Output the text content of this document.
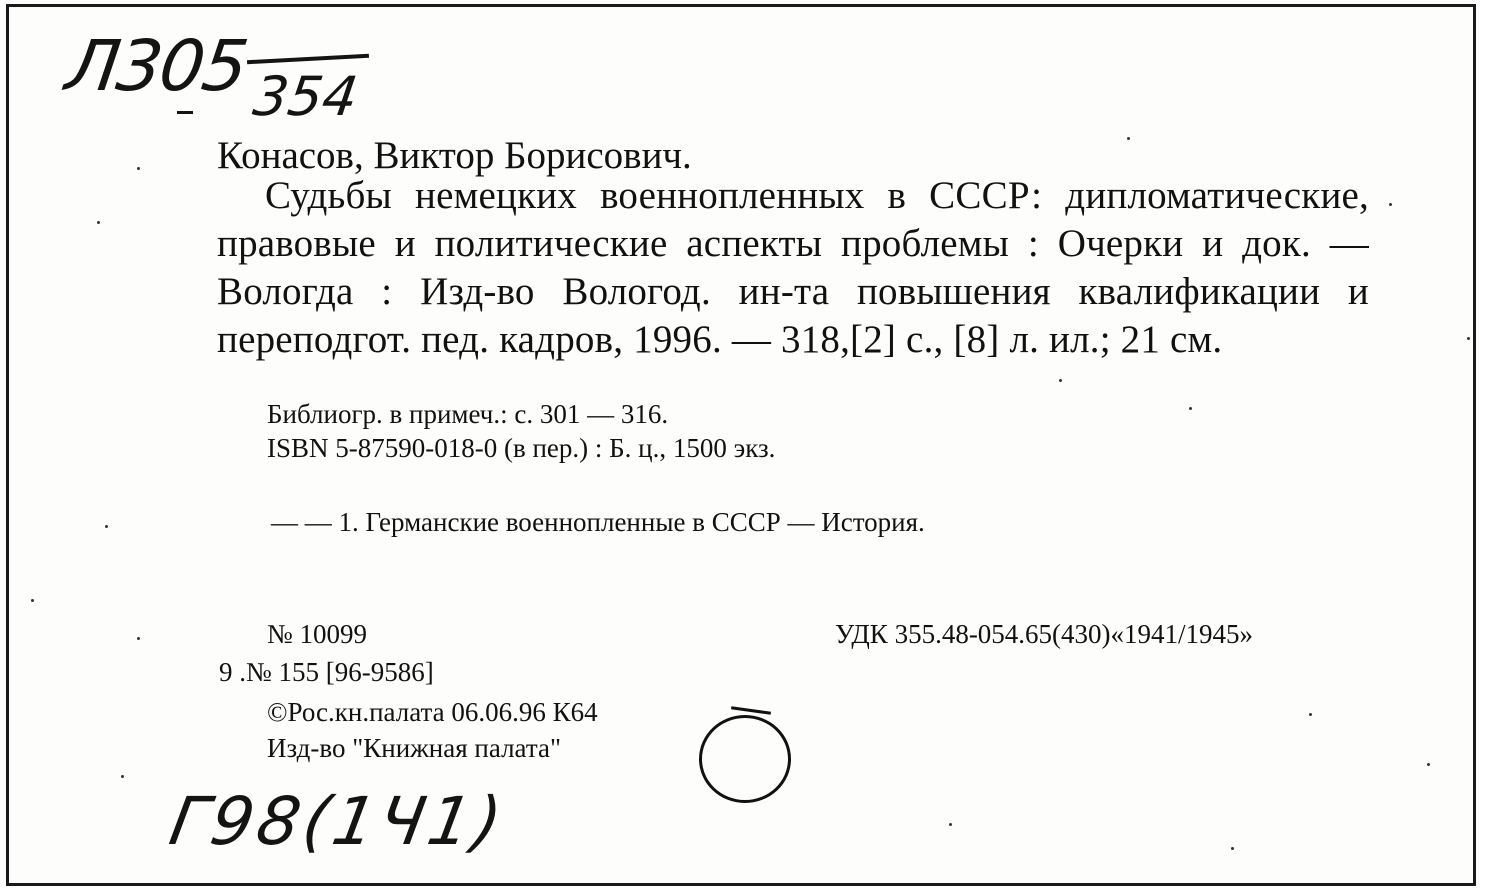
Л305
354
Конасов, Виктор Борисович.
Судьбы немецких военнопленных в СССР: дипломатические, правовые и политические аспекты проблемы : Очерки и док. — Вологда : Изд-во Вологод. ин-та повышения квалификации и переподгот. пед. кадров, 1996. — 318,[2] с., [8] л. ил.; 21 см.
Библиогр. в примеч.: с. 301 — 316.
ISBN 5-87590-018-0 (в пер.) : Б. ц., 1500 экз.
— — 1. Германские военнопленные в СССР — История.
№ 10099	УДК 355.48-054.65(430)«1941/1945»
9 .№ 155 [96-9586]
©Рос.кн.палата 06.06.96 К64
Изд-во "Книжная палата"
Г98(1Ч1)
